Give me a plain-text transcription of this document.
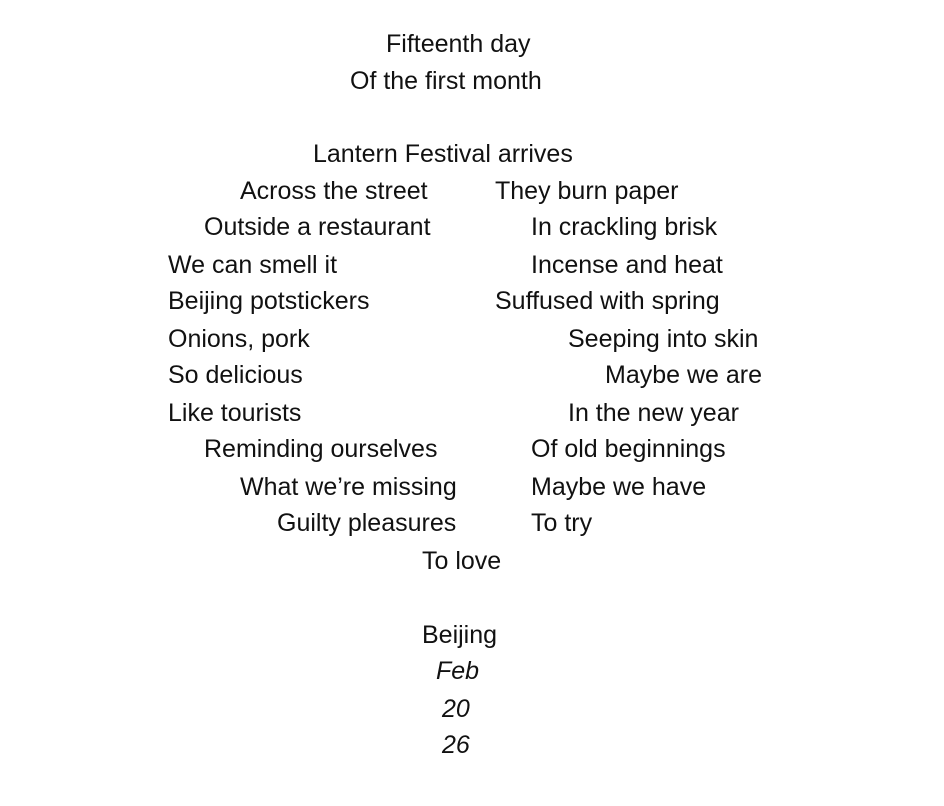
Fifteenth day
Of the first month
Lantern Festival arrives
Across the street
Outside a restaurant
We can smell it
Beijing potstickers
Onions, pork
So delicious
Like tourists
Reminding ourselves
What we’re missing
Guilty pleasures
They burn paper
In crackling brisk
Incense and heat
Suffused with spring
Seeping into skin
Maybe we are
In the new year
Of old beginnings
Maybe we have
To try
To love
Beijing
Feb
20
26
